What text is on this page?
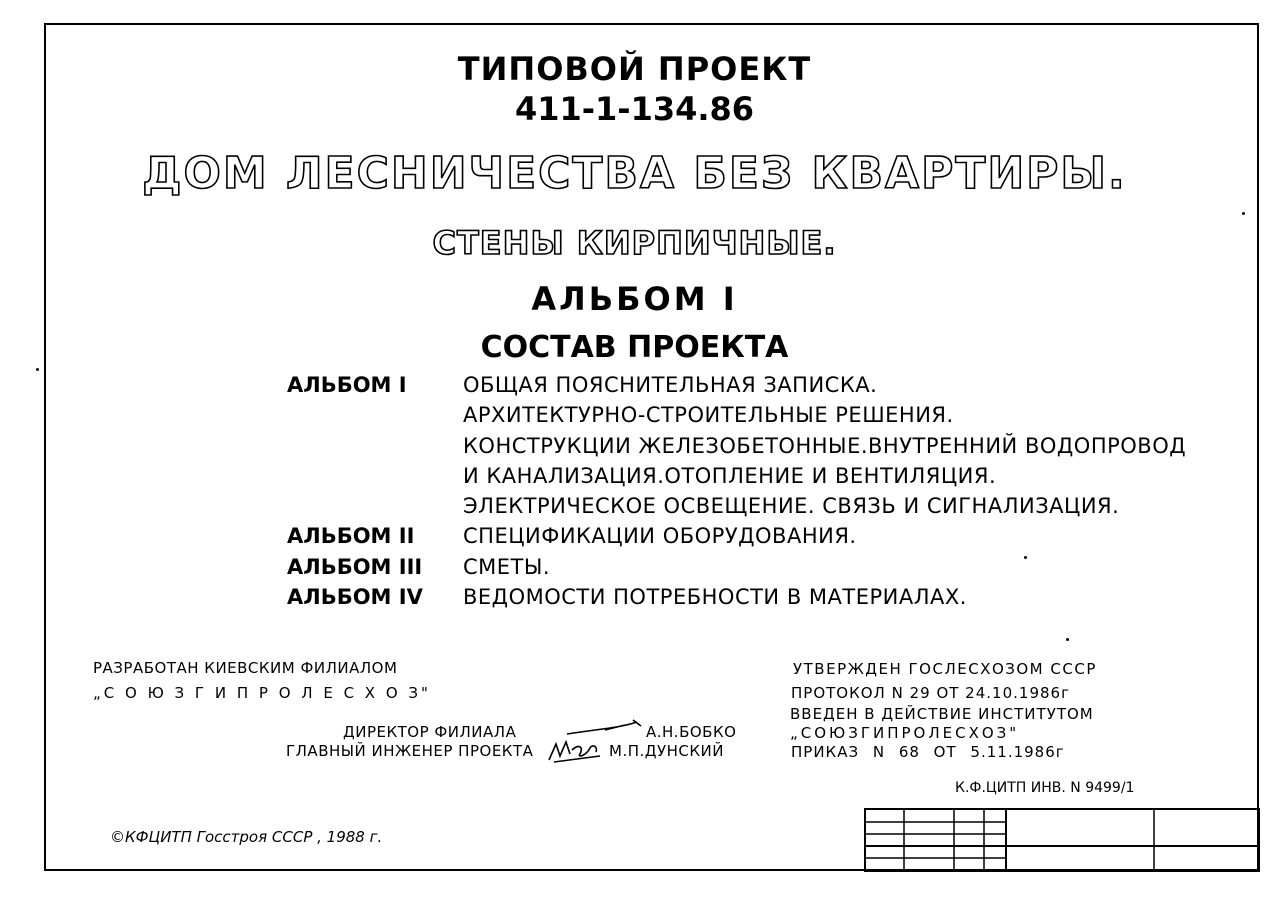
ТИПОВОЙ ПРОЕКТ
411-1-134.86
ДОМ ЛЕСНИЧЕСТВА БЕЗ КВАРТИРЫ.
СТЕНЫ КИРПИЧНЫЕ.
АЛЬБОМ I
СОСТАВ ПРОЕКТА
АЛЬБОМ I	ОБЩАЯ ПОЯСНИТЕЛЬНАЯ ЗАПИСКА.
АРХИТЕКТУРНО-СТРОИТЕЛЬНЫЕ РЕШЕНИЯ.
КОНСТРУКЦИИ ЖЕЛЕЗОБЕТОННЫЕ.ВНУТРЕННИЙ ВОДОПРОВОД
И КАНАЛИЗАЦИЯ.ОТОПЛЕНИЕ И ВЕНТИЛЯЦИЯ.
ЭЛЕКТРИЧЕСКОЕ ОСВЕЩЕНИЕ. СВЯЗЬ И СИГНАЛИЗАЦИЯ.
АЛЬБОМ II СПЕЦИФИКАЦИИ ОБОРУДОВАНИЯ.
АЛЬБОМ III СМЕТЫ.
АЛЬБОМ IV ВЕДОМОСТИ ПОТРЕБНОСТИ В МАТЕРИАЛАХ.
РАЗРАБОТАН КИЕВСКИМ ФИЛИАЛОМ
„С О Ю З Г И П Р О Л Е С Х О З"
ДИРЕКТОР ФИЛИАЛА	А.Н.БОБКО
ГЛАВНЫЙ ИНЖЕНЕР ПРОЕКТА	М.П.ДУНСКИЙ
УТВЕРЖДЕН ГОСЛЕСХОЗОМ СССР
ПРОТОКОЛ N 29 ОТ 24.10.1986г
ВВЕДЕН В ДЕЙСТВИЕ ИНСТИТУТОМ
„СОЮЗГИПРОЛЕСХОЗ"
ПРИКАЗ N 68 ОТ 5.11.1986г
К.Ф.ЦИТП ИНВ. N 9499/1
©КФЦИТП Госстроя СССР , 1988 г.
